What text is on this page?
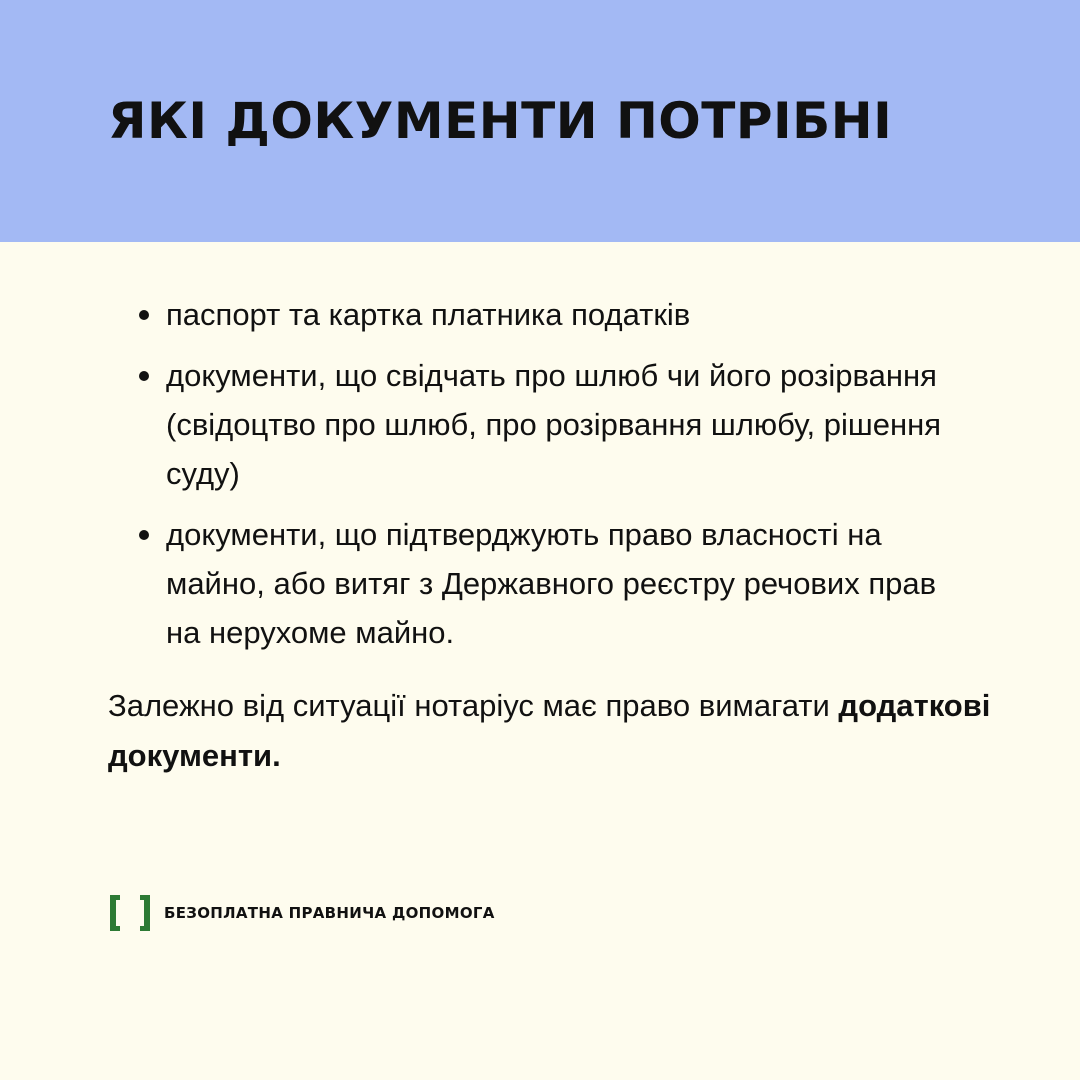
ЯКІ ДОКУМЕНТИ ПОТРІБНІ
паспорт та картка платника податків
документи, що свідчать про шлюб чи його розірвання (свідоцтво про шлюб, про розірвання шлюбу, рішення суду)
документи, що підтверджують право власності на майно, або витяг з Державного реєстру речових прав на нерухоме майно.

Залежно від ситуації нотаріус має право вимагати додаткові документи.

БЕЗОПЛАТНА ПРАВНИЧА ДОПОМОГА
